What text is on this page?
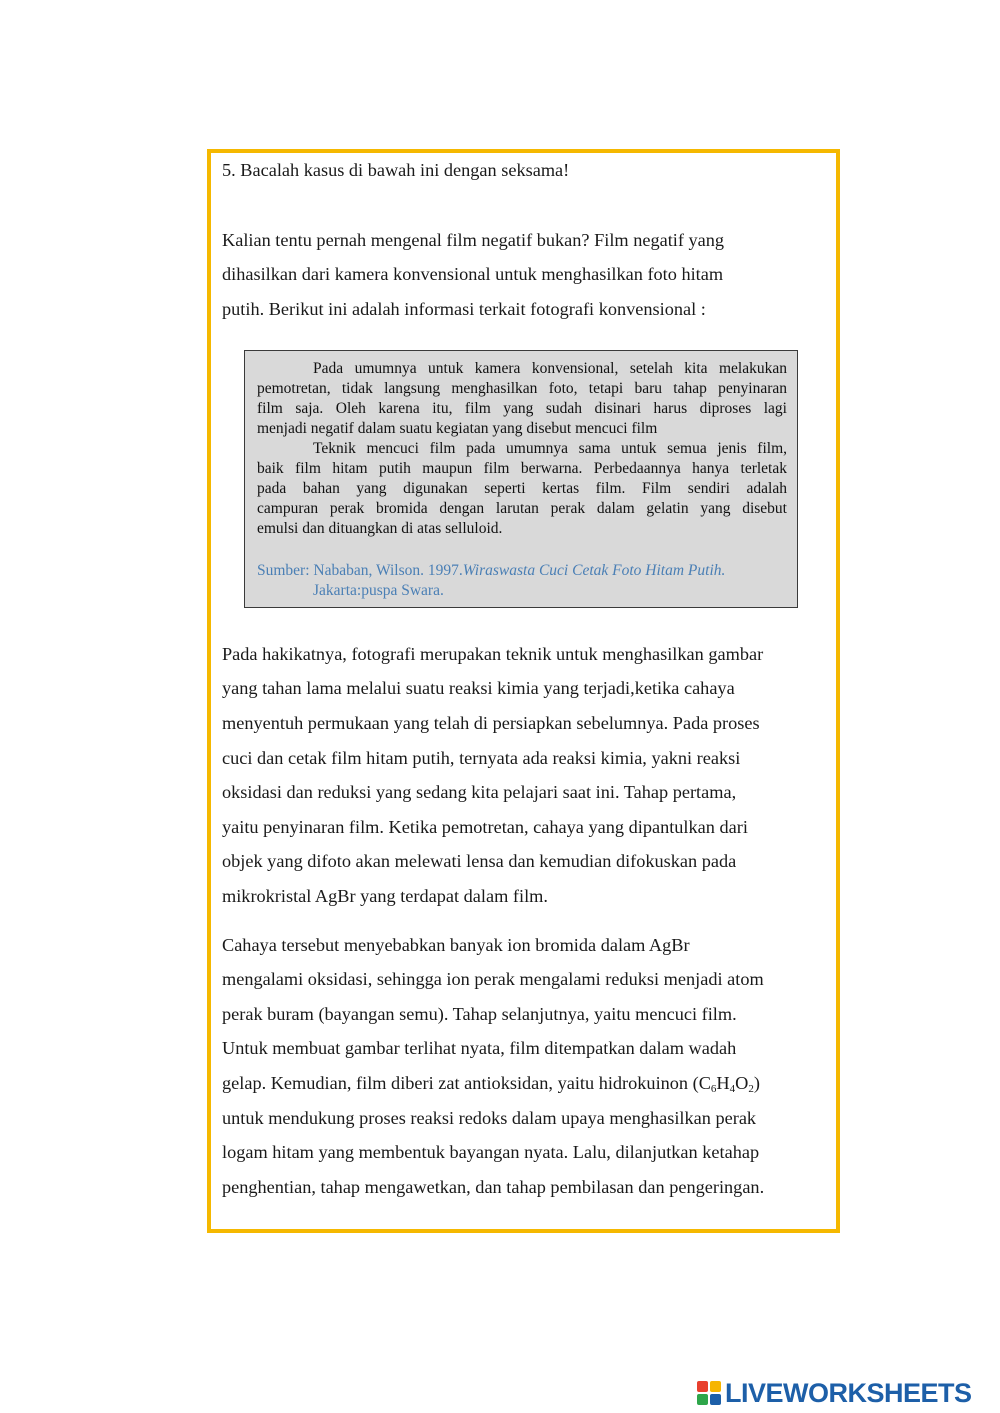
5. Bacalah kasus di bawah ini dengan seksama!
Kalian tentu pernah mengenal film negatif bukan? Film negatif yang
dihasilkan dari kamera konvensional untuk menghasilkan foto hitam
putih. Berikut ini adalah informasi terkait fotografi konvensional :
Pada umumnya untuk kamera konvensional, setelah kita melakukan
pemotretan, tidak langsung menghasilkan foto, tetapi baru tahap penyinaran
film saja. Oleh karena itu, film yang sudah disinari harus diproses lagi
menjadi negatif dalam suatu kegiatan yang disebut mencuci film
Teknik mencuci film pada umumnya sama untuk semua jenis film,
baik film hitam putih maupun film berwarna. Perbedaannya hanya terletak
pada bahan yang digunakan seperti kertas film. Film sendiri adalah
campuran perak bromida dengan larutan perak dalam gelatin yang disebut
emulsi dan dituangkan di atas selluloid.
Sumber: Nababan, Wilson. 1997.Wiraswasta Cuci Cetak Foto Hitam Putih.
Jakarta:puspa Swara.
Pada hakikatnya, fotografi merupakan teknik untuk menghasilkan gambar
yang tahan lama melalui suatu reaksi kimia yang terjadi,ketika cahaya
menyentuh permukaan yang telah di persiapkan sebelumnya. Pada proses
cuci dan cetak film hitam putih, ternyata ada reaksi kimia, yakni reaksi
oksidasi dan reduksi yang sedang kita pelajari saat ini. Tahap pertama,
yaitu penyinaran film. Ketika pemotretan, cahaya yang dipantulkan dari
objek yang difoto akan melewati lensa dan kemudian difokuskan pada
mikrokristal AgBr yang terdapat dalam film.
Cahaya tersebut menyebabkan banyak ion bromida dalam AgBr
mengalami oksidasi, sehingga ion perak mengalami reduksi menjadi atom
perak buram (bayangan semu). Tahap selanjutnya, yaitu mencuci film.
Untuk membuat gambar terlihat nyata, film ditempatkan dalam wadah
gelap. Kemudian, film diberi zat antioksidan, yaitu hidrokuinon $(C_6H_4O_2)$
untuk mendukung proses reaksi redoks dalam upaya menghasilkan perak
logam hitam yang membentuk bayangan nyata. Lalu, dilanjutkan ketahap
penghentian, tahap mengawetkan, dan tahap pembilasan dan pengeringan.
LIVEWORKSHEETS
